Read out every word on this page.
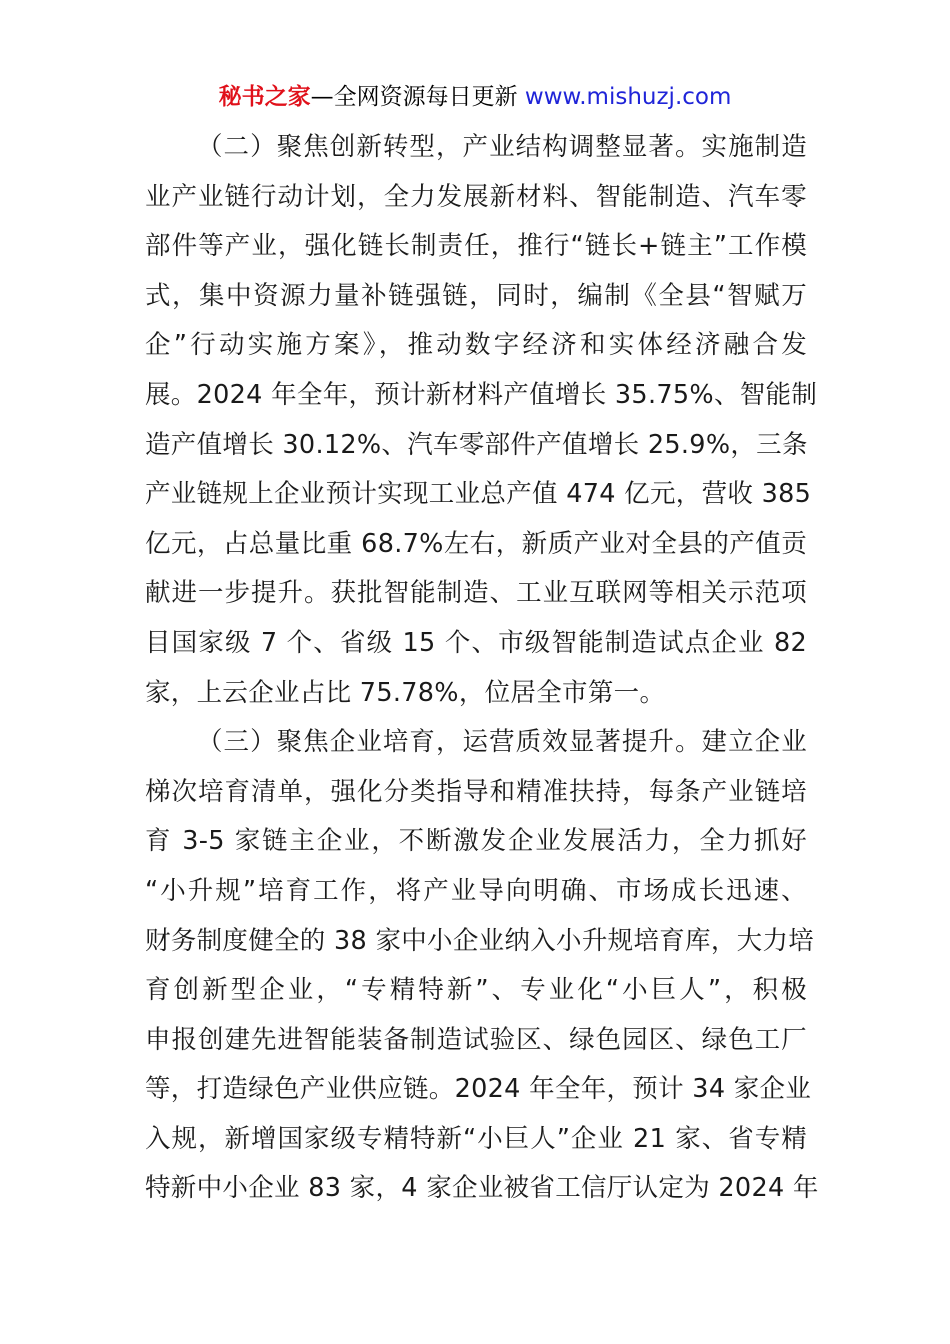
秘书之家—全网资源每日更新 www.mishuzj.com
（二）聚焦创新转型，产业结构调整显著。实施制造
业产业链行动计划，全力发展新材料、智能制造、汽车零
部件等产业，强化链长制责任，推行“链长+链主”工作模
式，集中资源力量补链强链，同时，编制《全县“智赋万
企”行动实施方案》，推动数字经济和实体经济融合发
展。2024 年全年，预计新材料产值增长 35.75%、智能制
造产值增长 30.12%、汽车零部件产值增长 25.9%，三条
产业链规上企业预计实现工业总产值 474 亿元，营收 385
亿元，占总量比重 68.7%左右，新质产业对全县的产值贡
献进一步提升。获批智能制造、工业互联网等相关示范项
目国家级 7 个、省级 15 个、市级智能制造试点企业 82
家，上云企业占比 75.78%，位居全市第一。
（三）聚焦企业培育，运营质效显著提升。建立企业
梯次培育清单，强化分类指导和精准扶持，每条产业链培
育 3-5 家链主企业，不断激发企业发展活力，全力抓好
“小升规”培育工作，将产业导向明确、市场成长迅速、
财务制度健全的 38 家中小企业纳入小升规培育库，大力培
育创新型企业，“专精特新”、专业化“小巨人”，积极
申报创建先进智能装备制造试验区、绿色园区、绿色工厂
等，打造绿色产业供应链。2024 年全年，预计 34 家企业
入规，新增国家级专精特新“小巨人”企业 21 家、省专精
特新中小企业 83 家，4 家企业被省工信厅认定为 2024 年
